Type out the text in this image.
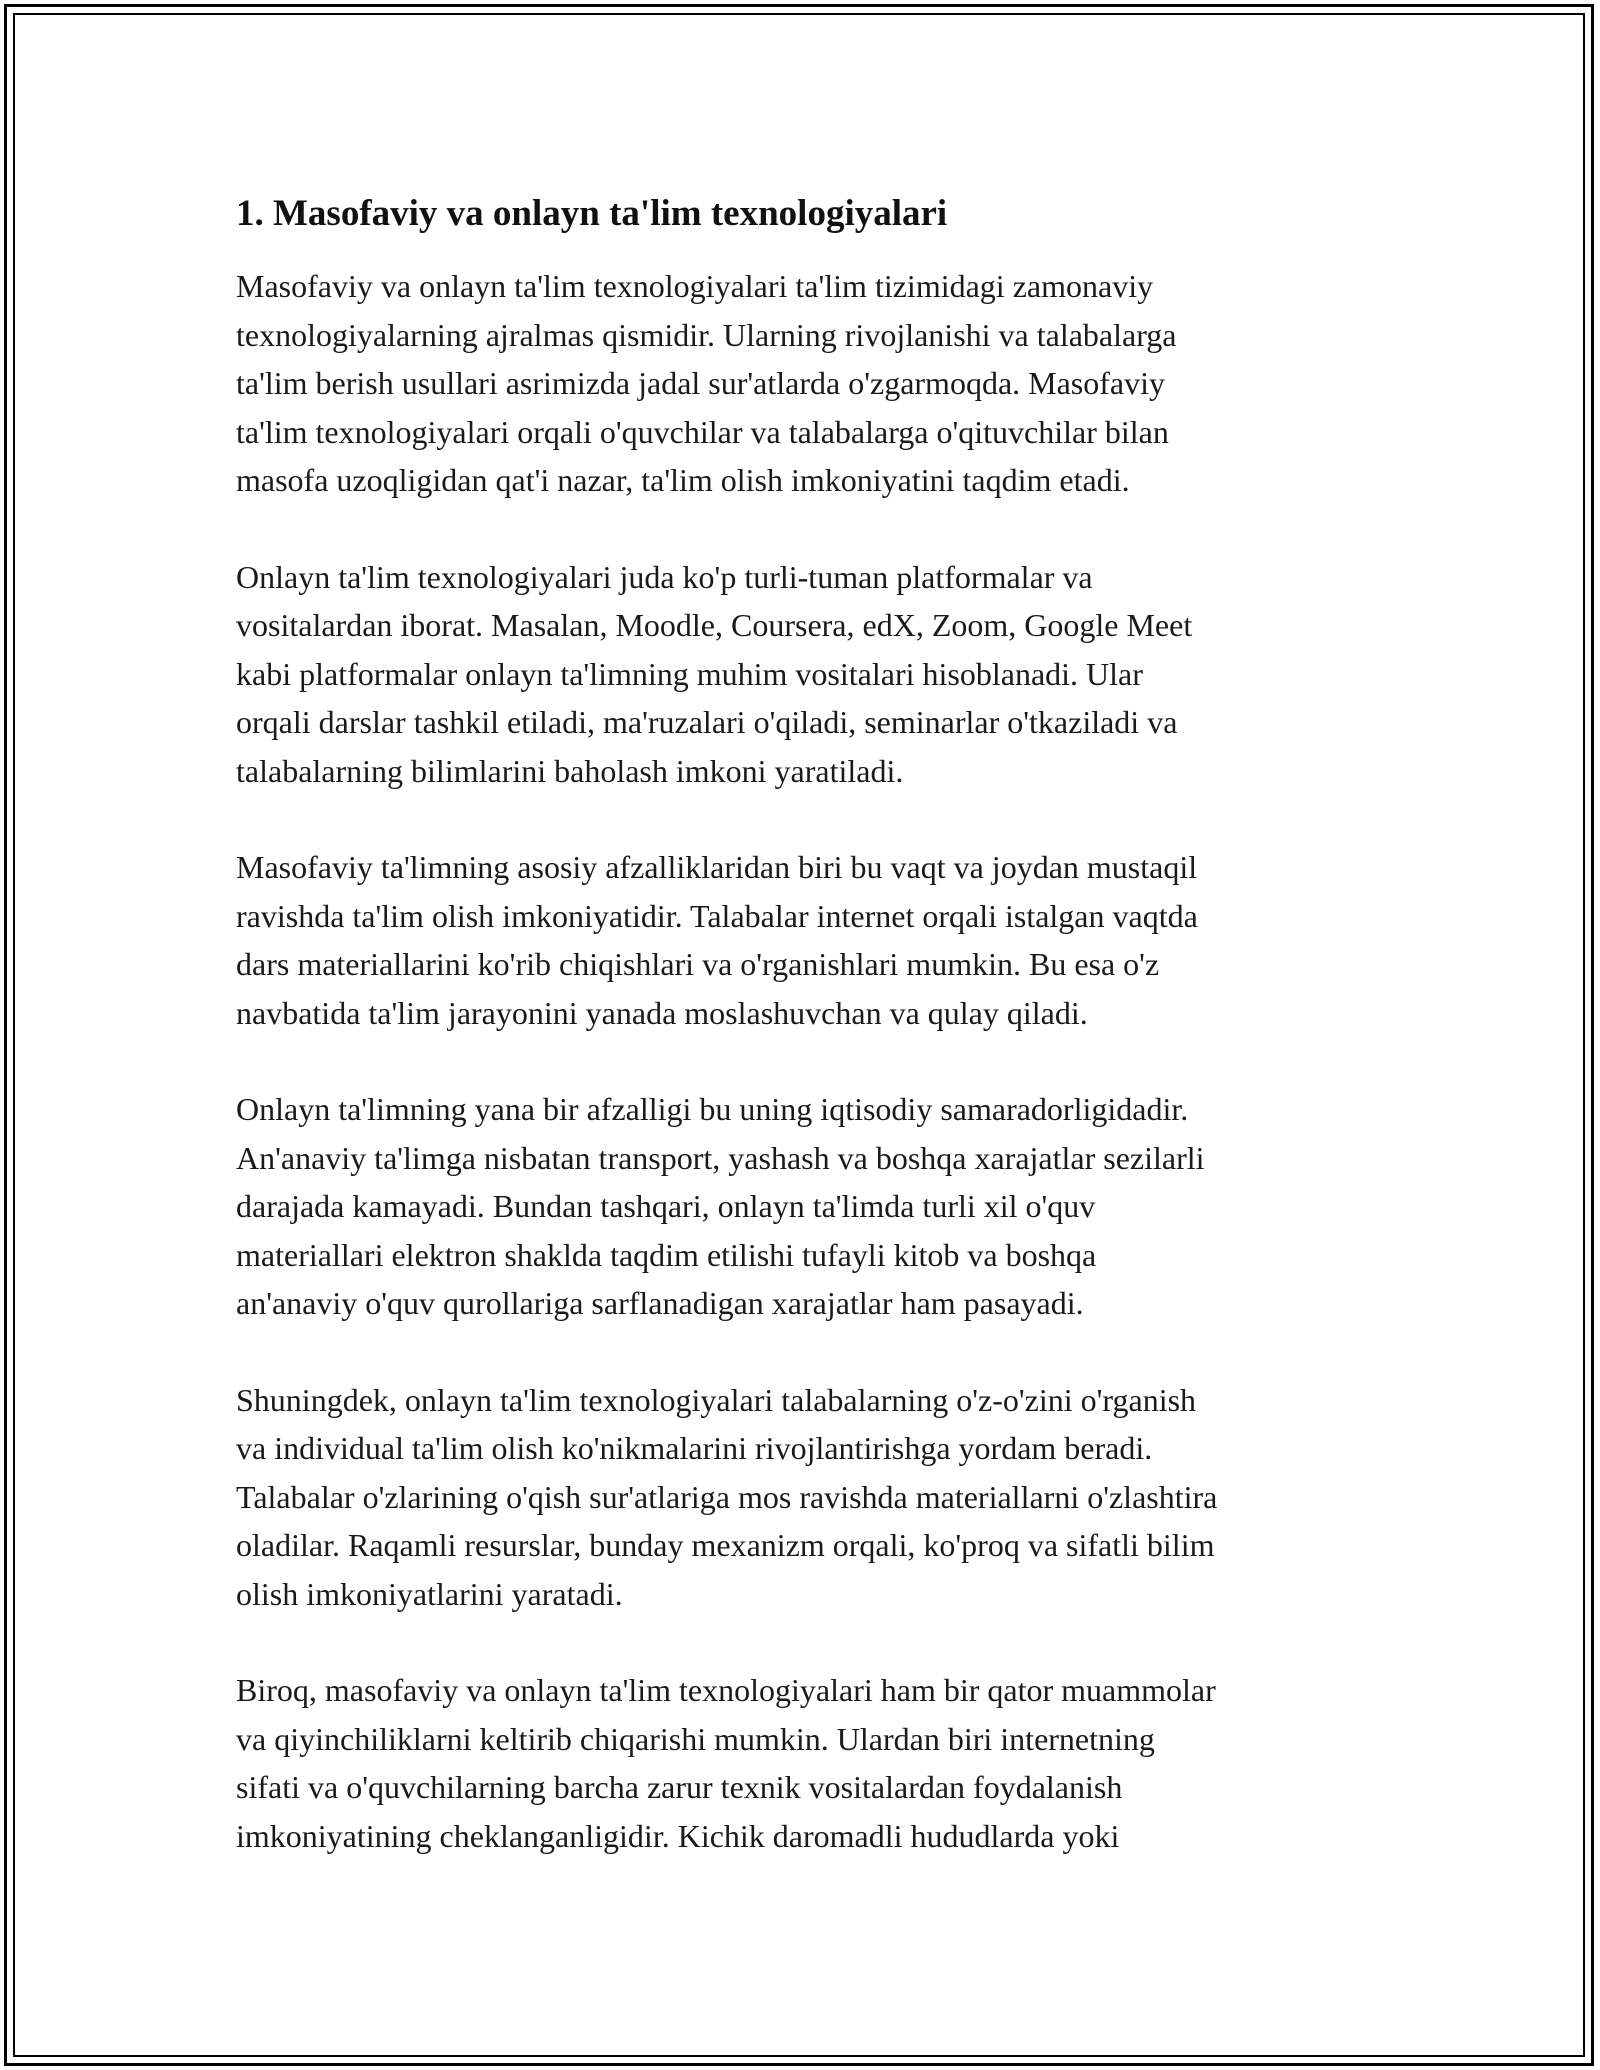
1. Masofaviy va onlayn ta'lim texnologiyalari

Masofaviy va onlayn ta'lim texnologiyalari ta'lim tizimidagi zamonaviy
texnologiyalarning ajralmas qismidir. Ularning rivojlanishi va talabalarga
ta'lim berish usullari asrimizda jadal sur'atlarda o'zgarmoqda. Masofaviy
ta'lim texnologiyalari orqali o'quvchilar va talabalarga o'qituvchilar bilan
masofa uzoqligidan qat'i nazar, ta'lim olish imkoniyatini taqdim etadi.

Onlayn ta'lim texnologiyalari juda ko'p turli-tuman platformalar va
vositalardan iborat. Masalan, Moodle, Coursera, edX, Zoom, Google Meet
kabi platformalar onlayn ta'limning muhim vositalari hisoblanadi. Ular
orqali darslar tashkil etiladi, ma'ruzalari o'qiladi, seminarlar o'tkaziladi va
talabalarning bilimlarini baholash imkoni yaratiladi.

Masofaviy ta'limning asosiy afzalliklaridan biri bu vaqt va joydan mustaqil
ravishda ta'lim olish imkoniyatidir. Talabalar internet orqali istalgan vaqtda
dars materiallarini ko'rib chiqishlari va o'rganishlari mumkin. Bu esa o'z
navbatida ta'lim jarayonini yanada moslashuvchan va qulay qiladi.

Onlayn ta'limning yana bir afzalligi bu uning iqtisodiy samaradorligidadir.
An'anaviy ta'limga nisbatan transport, yashash va boshqa xarajatlar sezilarli
darajada kamayadi. Bundan tashqari, onlayn ta'limda turli xil o'quv
materiallari elektron shaklda taqdim etilishi tufayli kitob va boshqa
an'anaviy o'quv qurollariga sarflanadigan xarajatlar ham pasayadi.

Shuningdek, onlayn ta'lim texnologiyalari talabalarning o'z-o'zini o'rganish
va individual ta'lim olish ko'nikmalarini rivojlantirishga yordam beradi.
Talabalar o'zlarining o'qish sur'atlariga mos ravishda materiallarni o'zlashtira
oladilar. Raqamli resurslar, bunday mexanizm orqali, ko'proq va sifatli bilim
olish imkoniyatlarini yaratadi.

Biroq, masofaviy va onlayn ta'lim texnologiyalari ham bir qator muammolar
va qiyinchiliklarni keltirib chiqarishi mumkin. Ulardan biri internetning
sifati va o'quvchilarning barcha zarur texnik vositalardan foydalanish
imkoniyatining cheklanganligidir. Kichik daromadli hududlarda yoki
